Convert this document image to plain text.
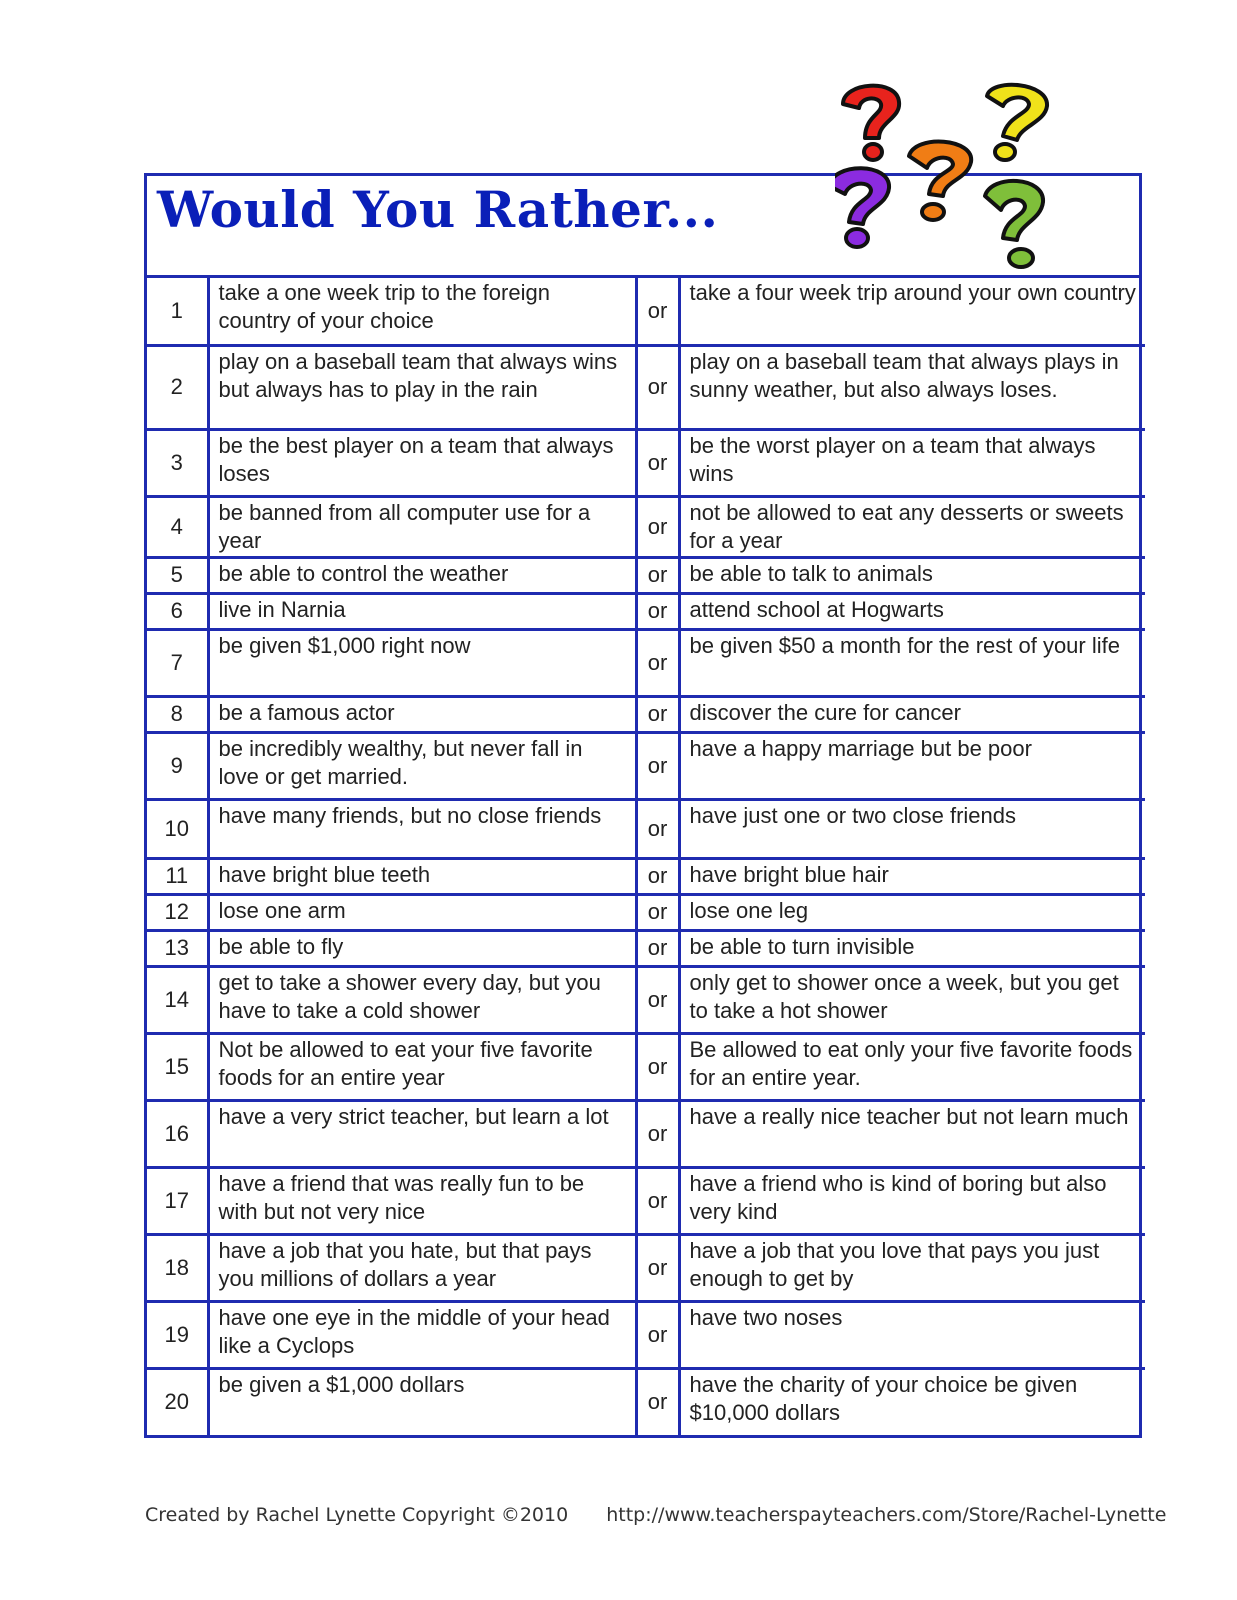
Would You Rather...
1	take a one week trip to the foreign country of your choice	or	take a four week trip around your own country
2	play on a baseball team that always wins but always has to play in the rain	or	play on a baseball team that always plays in sunny weather, but also always loses.
3	be the best player on a team that always loses	or	be the worst player on a team that always wins
4	be banned from all computer use for a year	or	not be allowed to eat any desserts or sweets for a year
5	be able to control the weather	or	be able to talk to animals
6	live in Narnia	or	attend school at Hogwarts
7	be given $1,000 right now	or	be given $50 a month for the rest of your life
8	be a famous actor	or	discover the cure for cancer
9	be incredibly wealthy, but never fall in love or get married.	or	have a happy marriage but be poor
10	have many friends, but no close friends	or	have just one or two close friends
11	have bright blue teeth	or	have bright blue hair
12	lose one arm	or	lose one leg
13	be able to fly	or	be able to turn invisible
14	get to take a shower every day, but you have to take a cold shower	or	only get to shower once a week, but you get to take a hot shower
15	Not be allowed to eat your five favorite foods for an entire year	or	Be allowed to eat only your five favorite foods for an entire year.
16	have a very strict teacher, but learn a lot	or	have a really nice teacher but not learn much
17	have a friend that was really fun to be with but not very nice	or	have a friend who is kind of boring but also very kind
18	have a job that you hate, but that pays you millions of dollars a year	or	have a job that you love that pays you just enough to get by
19	have one eye in the middle of your head like a Cyclops	or	have two noses
20	be given a $1,000 dollars	or	have the charity of your choice be given $10,000 dollars
Created by Rachel Lynette Copyright ©2010 http://www.teacherspayteachers.com/Store/Rachel-Lynette
